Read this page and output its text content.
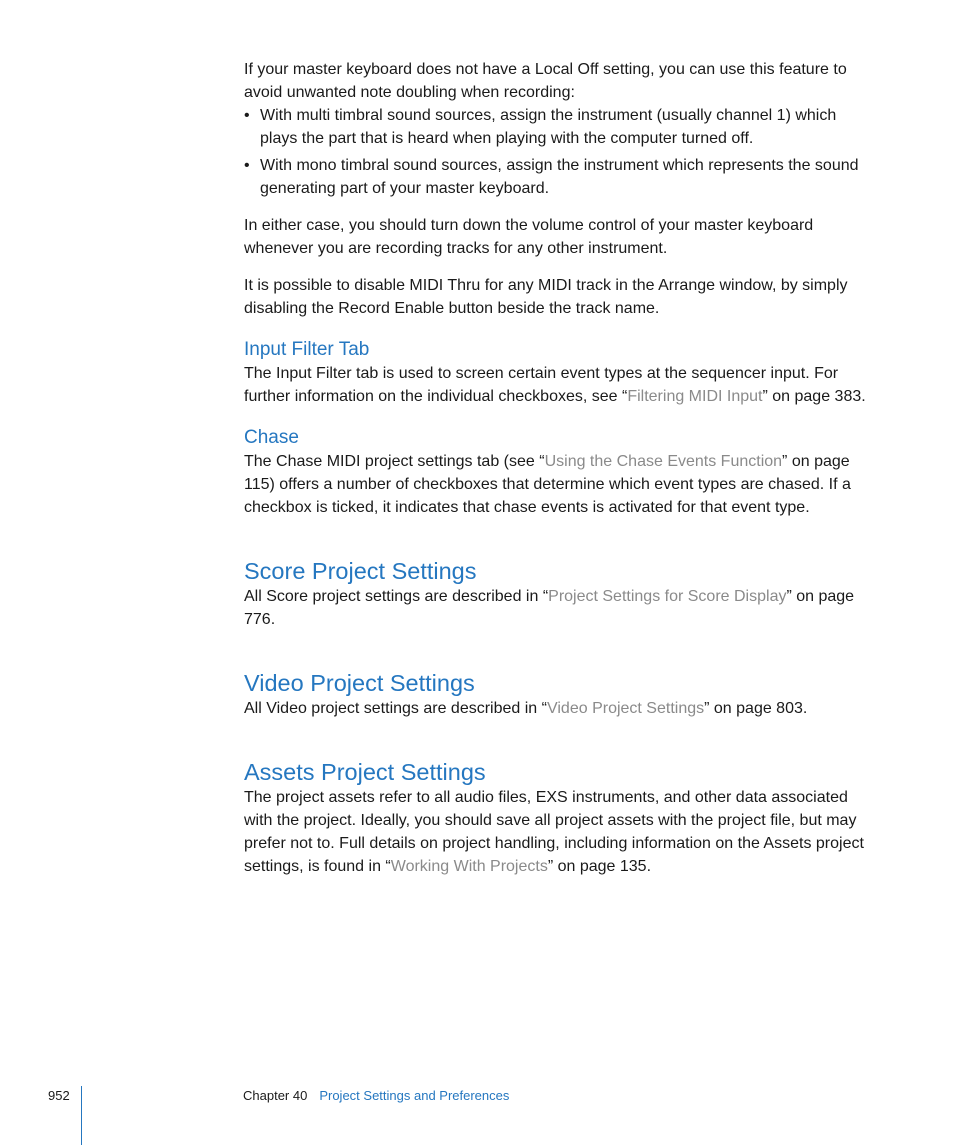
If your master keyboard does not have a Local Off setting, you can use this feature to avoid unwanted note doubling when recording:

• With multi timbral sound sources, assign the instrument (usually channel 1) which plays the part that is heard when playing with the computer turned off.
• With mono timbral sound sources, assign the instrument which represents the sound generating part of your master keyboard.

In either case, you should turn down the volume control of your master keyboard whenever you are recording tracks for any other instrument.

It is possible to disable MIDI Thru for any MIDI track in the Arrange window, by simply disabling the Record Enable button beside the track name.

Input Filter Tab

The Input Filter tab is used to screen certain event types at the sequencer input. For further information on the individual checkboxes, see “Filtering MIDI Input” on page 383.

Chase

The Chase MIDI project settings tab (see “Using the Chase Events Function” on page 115) offers a number of checkboxes that determine which event types are chased. If a checkbox is ticked, it indicates that chase events is activated for that event type.

Score Project Settings

All Score project settings are described in “Project Settings for Score Display” on page 776.

Video Project Settings

All Video project settings are described in “Video Project Settings” on page 803.

Assets Project Settings

The project assets refer to all audio files, EXS instruments, and other data associated with the project. Ideally, you should save all project assets with the project file, but may prefer not to. Full details on project handling, including information on the Assets project settings, is found in “Working With Projects” on page 135.

952	Chapter 40 Project Settings and Preferences
